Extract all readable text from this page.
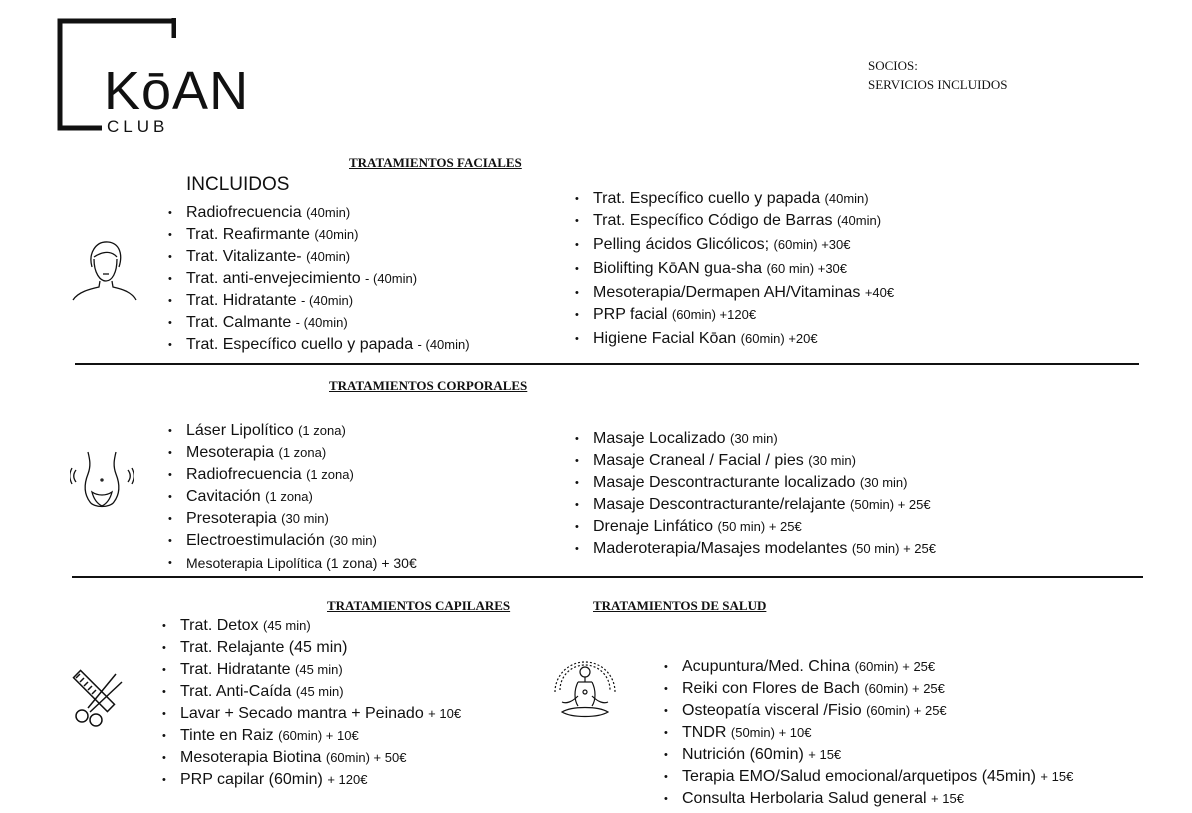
KōAN
CLUB
SOCIOS:
SERVICIOS INCLUIDOS
TRATAMIENTOS FACIALES
INCLUIDOS
• Radiofrecuencia (40min)
• Trat. Reafirmante (40min)
• Trat. Vitalizante- (40min)
• Trat. anti-envejecimiento - (40min)
• Trat. Hidratante - (40min)
• Trat. Calmante - (40min)
• Trat. Específico cuello y papada - (40min)
• Trat. Específico cuello y papada (40min)
• Trat. Específico Código de Barras (40min)
• Pelling ácidos Glicólicos; (60min) +30€
• Biolifting KōAN gua-sha (60 min) +30€
• Mesoterapia/Dermapen AH/Vitaminas +40€
• PRP facial (60min) +120€
• Higiene Facial Kōan (60min) +20€
TRATAMIENTOS CORPORALES
• Láser Lipolítico (1 zona)
• Mesoterapia (1 zona)
• Radiofrecuencia (1 zona)
• Cavitación (1 zona)
• Presoterapia (30 min)
• Electroestimulación (30 min)
• Mesoterapia Lipolítica (1 zona) + 30€
• Masaje Localizado (30 min)
• Masaje Craneal / Facial / pies (30 min)
• Masaje Descontracturante localizado (30 min)
• Masaje Descontracturante/relajante (50min) + 25€
• Drenaje Linfático (50 min) + 25€
• Maderoterapia/Masajes modelantes (50 min) + 25€
TRATAMIENTOS CAPILARES
• Trat. Detox (45 min)
• Trat. Relajante (45 min)
• Trat. Hidratante (45 min)
• Trat. Anti-Caída (45 min)
• Lavar + Secado mantra + Peinado + 10€
• Tinte en Raiz (60min) + 10€
• Mesoterapia Biotina (60min) + 50€
• PRP capilar (60min) + 120€
TRATAMIENTOS DE SALUD
• Acupuntura/Med. China (60min) + 25€
• Reiki con Flores de Bach (60min) + 25€
• Osteopatía visceral /Fisio (60min) + 25€
• TNDR (50min) + 10€
• Nutrición (60min) + 15€
• Terapia EMO/Salud emocional/arquetipos (45min) + 15€
• Consulta Herbolaria Salud general + 15€
